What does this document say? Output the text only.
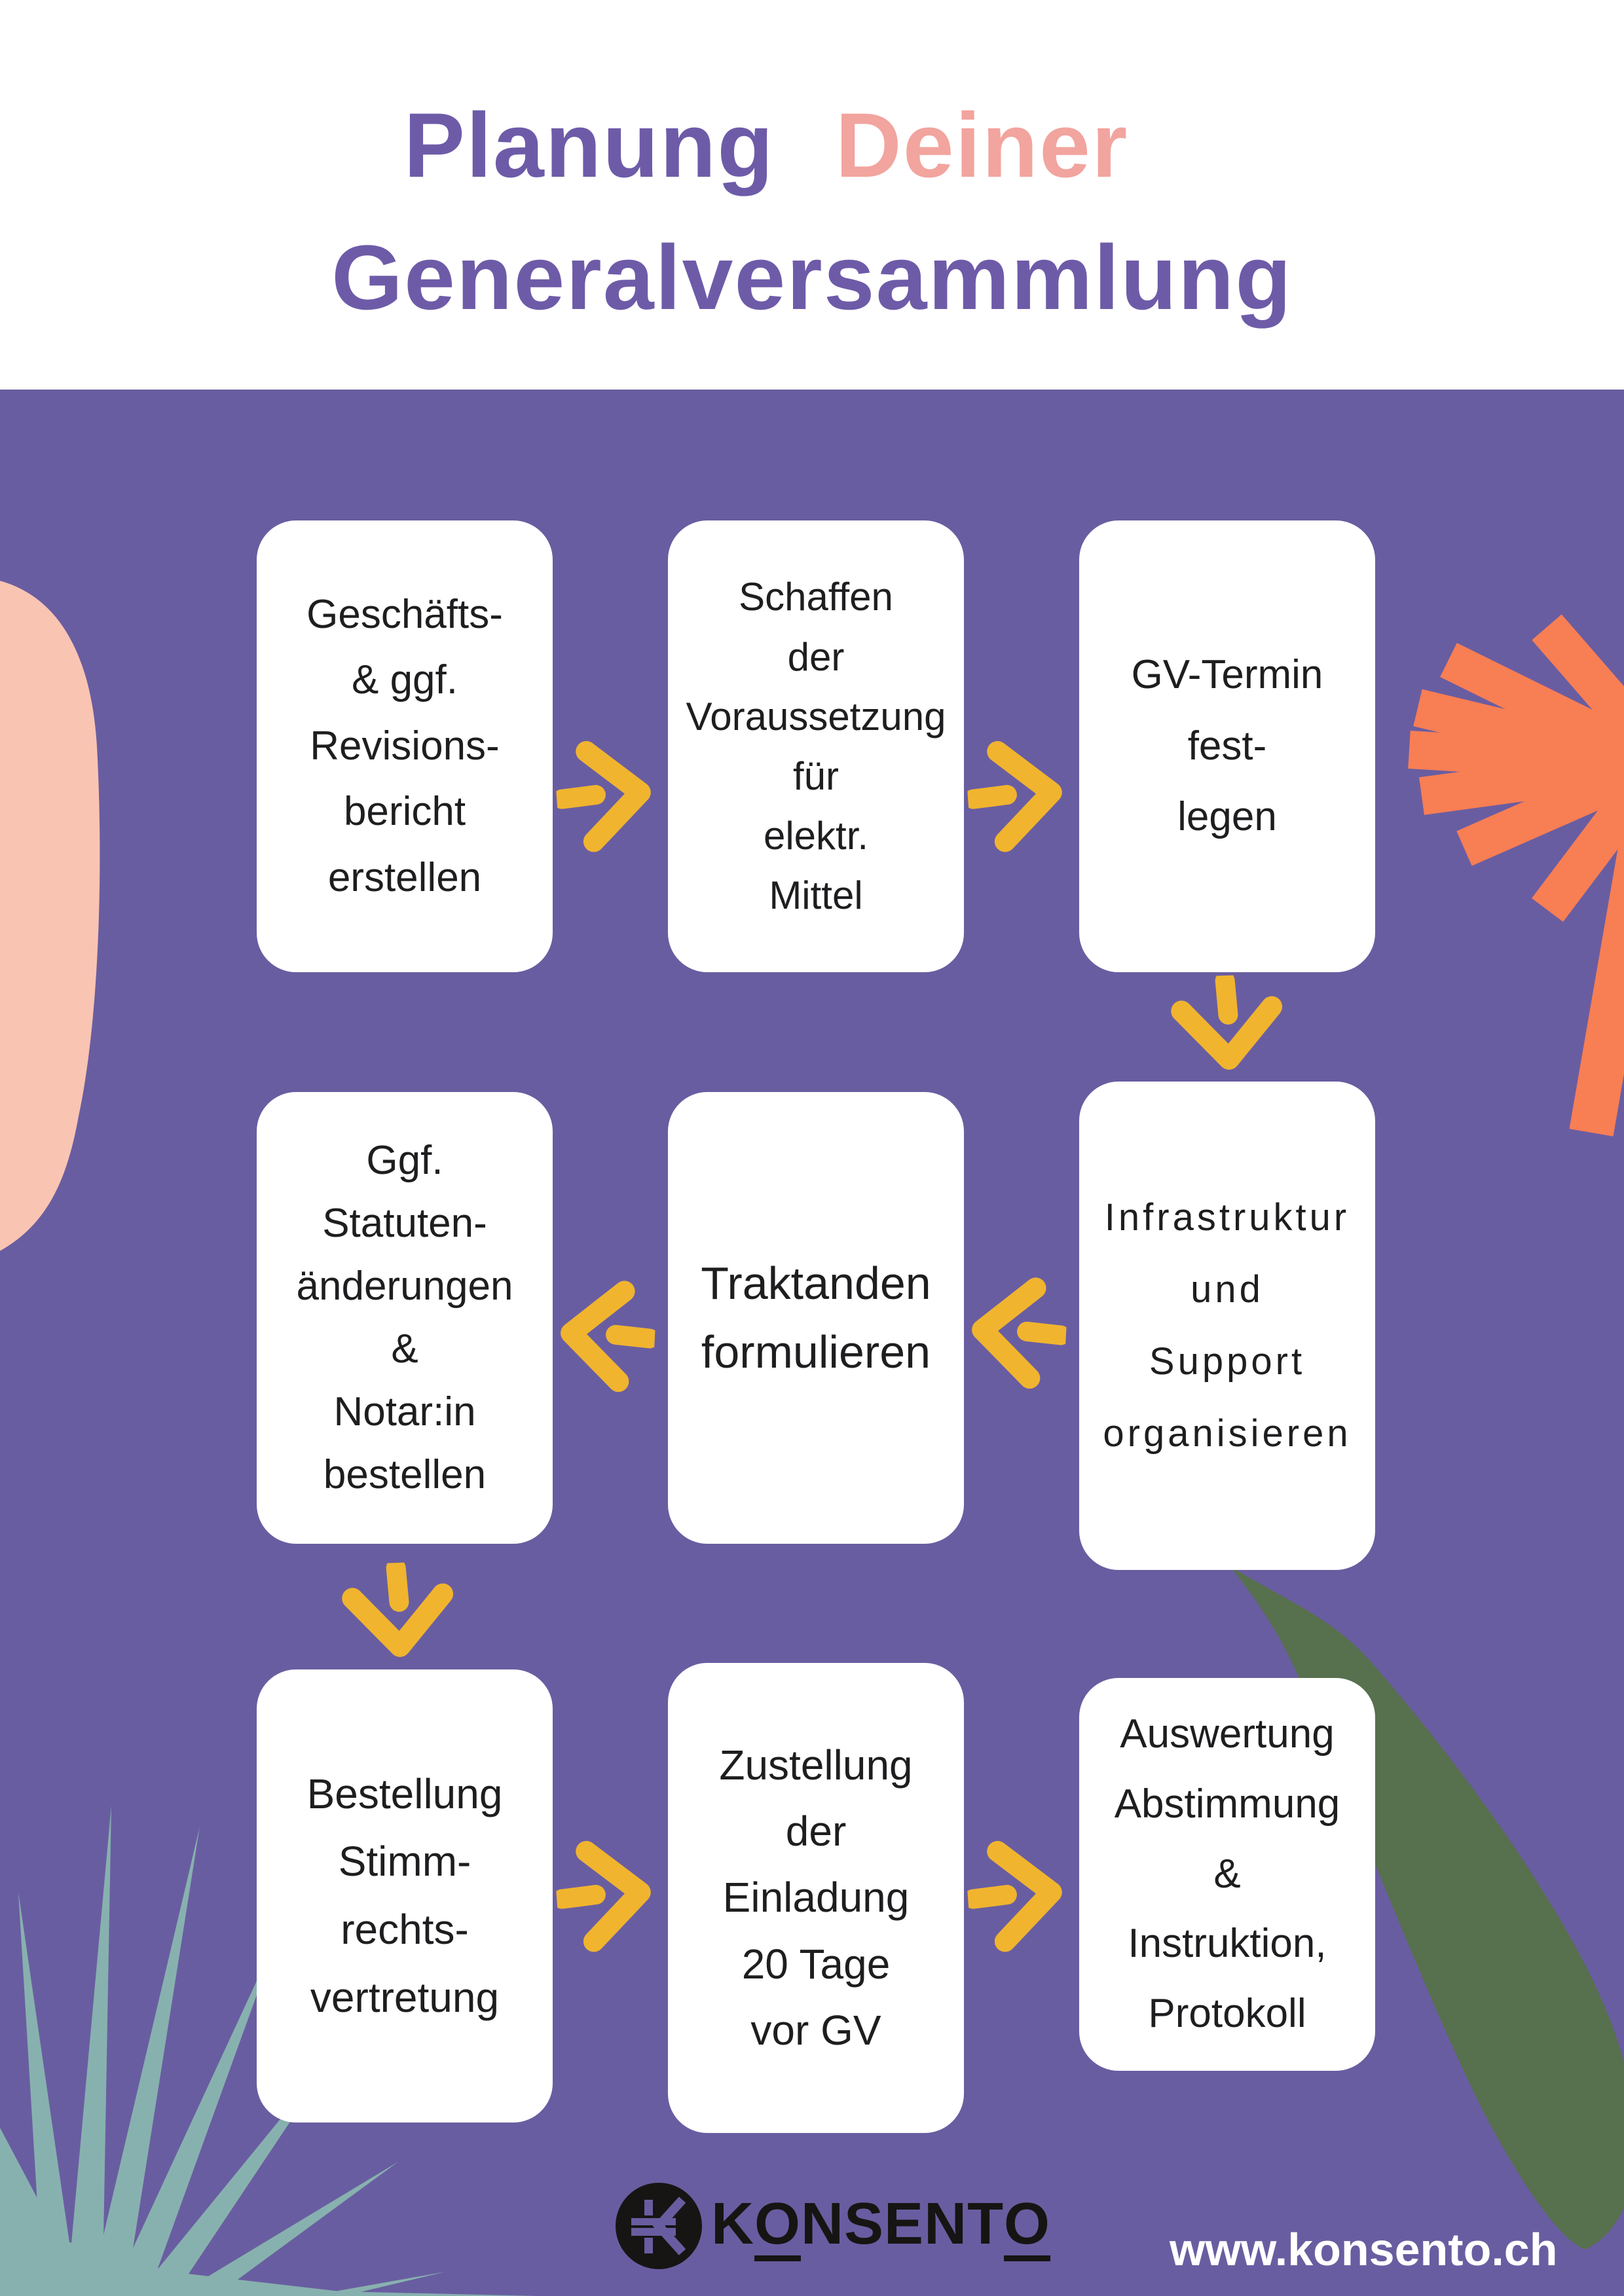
Planung Deiner
Generalversammlung
Geschäfts-
& ggf.
Revisions-
bericht
erstellen
Schaffen
der
Voraussetzung
für
elektr.
Mittel
GV-Termin
fest-
legen
Infrastruktur
und
Support
organisieren
Traktanden
formulieren
Ggf.
Statuten-
änderungen
&
Notar:in
bestellen
Bestellung
Stimm-
rechts-
vertretung
Zustellung
der
Einladung
20 Tage
vor GV
Auswertung
Abstimmung
&
Instruktion,
Protokoll
KONSENTO	www.konsento.ch
